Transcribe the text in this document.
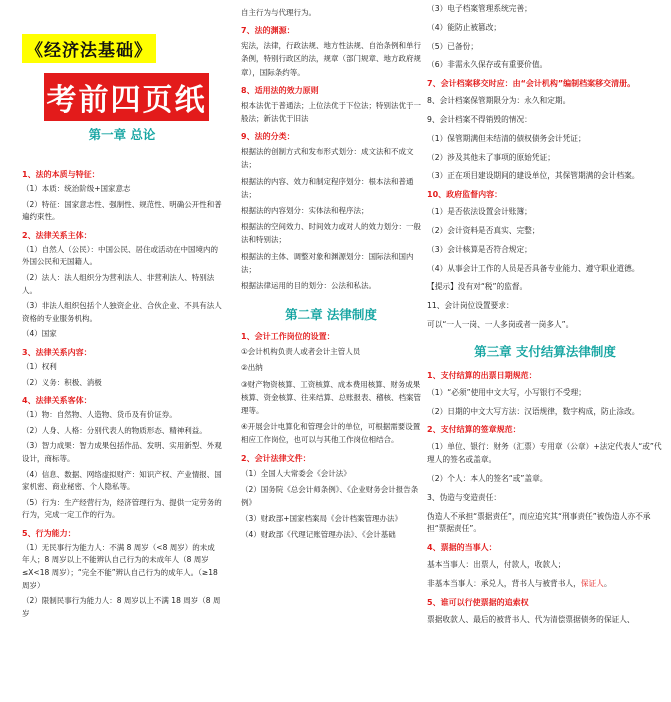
《经济法基础》
考前四页纸
第一章 总论
1、法的本质与特征：
（1）本质：统治阶级+国家意志
（2）特征：国家意志性、强制性、规范性、明确公开性和普遍约束性。
2、法律关系主体：
（1）自然人（公民）：中国公民、居住或活动在中国境内的外国公民和无国籍人。
（2）法人：法人组织分为营利法人、非营利法人、特别法人。
（3）非法人组织包括个人独资企业、合伙企业、不具有法人资格的专业服务机构。
（4）国家
3、法律关系内容：
（1）权利
（2）义务：积极、消极
4、法律关系客体：
（1）物：自然物、人造物、货币及有价证券。
（2）人身、人格：分别代表人的物质形态、精神利益。
（3）智力成果：智力成果包括作品、发明、实用新型、外观设计，商标等。
（4）信息、数据、网络虚拟财产：知识产权、产业情报、国家机密、商业秘密、个人隐私等。
（5）行为：生产经营行为，经济管理行为、提供一定劳务的行为，完成一定工作的行为。
5、行为能力：
（1）无民事行为能力人：不满 8 周岁（<8 周岁）的未成年人；8 周岁以上不能辨认自己行为的未成年人（8 周岁≤X<18 周岁）；“完全不能”辨认自己行为的成年人。（≥18 周岁）
（2）限制民事行为能力人：8 周岁以上不满 18 周岁（8 周岁
自主行为与代理行为。
7、法的渊源：
宪法，法律，行政法规、地方性法规、自治条例和单行条例，特别行政区的法，规章（部门规章、地方政府规章），国际条约等。
8、适用法的效力原则
根本法优于普通法；上位法优于下位法；特别法优于一般法；新法优于旧法
9、法的分类：
根据法的创制方式和发布形式划分：成文法和不成文法；
根据法的内容、效力和制定程序划分：根本法和普通法；
根据法的内容划分：实体法和程序法；
根据法的空间效力、时间效力或对人的效力划分：一般法和特别法；
根据法的主体、调整对象和渊源划分：国际法和国内法；
根据法律运用的目的划分：公法和私法。
第二章 法律制度
1、会计工作岗位的设置：
①会计机构负责人或者会计主管人员
②出纳
③财产物资核算、工资核算、成本费用核算、财务成果核算、资金核算、往来结算、总账报表、稽核、档案管理等。
④开展会计电算化和管理会计的单位，可根据需要设置相应工作岗位，也可以与其他工作岗位相结合。
2、会计法律文件：
（1）全国人大常委会《会计法》
（2）国务院《总会计师条例》、《企业财务会计报告条例》
（3）财政部+国家档案局《会计档案管理办法》
（4）财政部《代理记账管理办法》、《会计基础
（3）电子档案管理系统完善；
（4）能防止被篡改；
（5）已备份；
（6）非需永久保存或有重要价值。
7、会计档案移交时应：由“会计机构”编制档案移交清册。
8、会计档案保管期限分为：永久和定期。
9、会计档案不得销毁的情况：
（1）保管期满但未结清的债权债务会计凭证；
（2）涉及其他未了事项的原始凭证；
（3）正在项目建设期间的建设单位，其保管期满的会计档案。
10、政府监督内容：
（1）是否依法设置会计账簿；
（2）会计资料是否真实、完整；
（3）会计核算是否符合规定；
（4）从事会计工作的人员是否具备专业能力、遵守职业道德。
【提示】没有对“税”的监督。
11、会计岗位设置要求：
可以“一人一岗、一人多岗或者一岗多人”。
第三章 支付结算法律制度
1、支付结算的出票日期规范：
（1）“必须”使用中文大写，小写银行不受理；
（2）日期的中文大写方法：汉语规律，数字构成，防止涂改。
2、支付结算的签章规范：
（1）单位、银行：财务（汇票）专用章（公章）+法定代表人“或”代理人的签名或盖章。
（2）个人：本人的签名“或”盖章。
3、伪造与变造责任：
伪造人不承担“票据责任”，而应追究其“刑事责任”被伪造人亦不承担“票据责任”。
4、票据的当事人：
基本当事人：出票人，付款人，收款人；
非基本当事人：承兑人，背书人与被背书人，保证人。
5、谁可以行使票据的追索权
票据收款人、最后的被背书人、代为清偿票据债务的保证人、
